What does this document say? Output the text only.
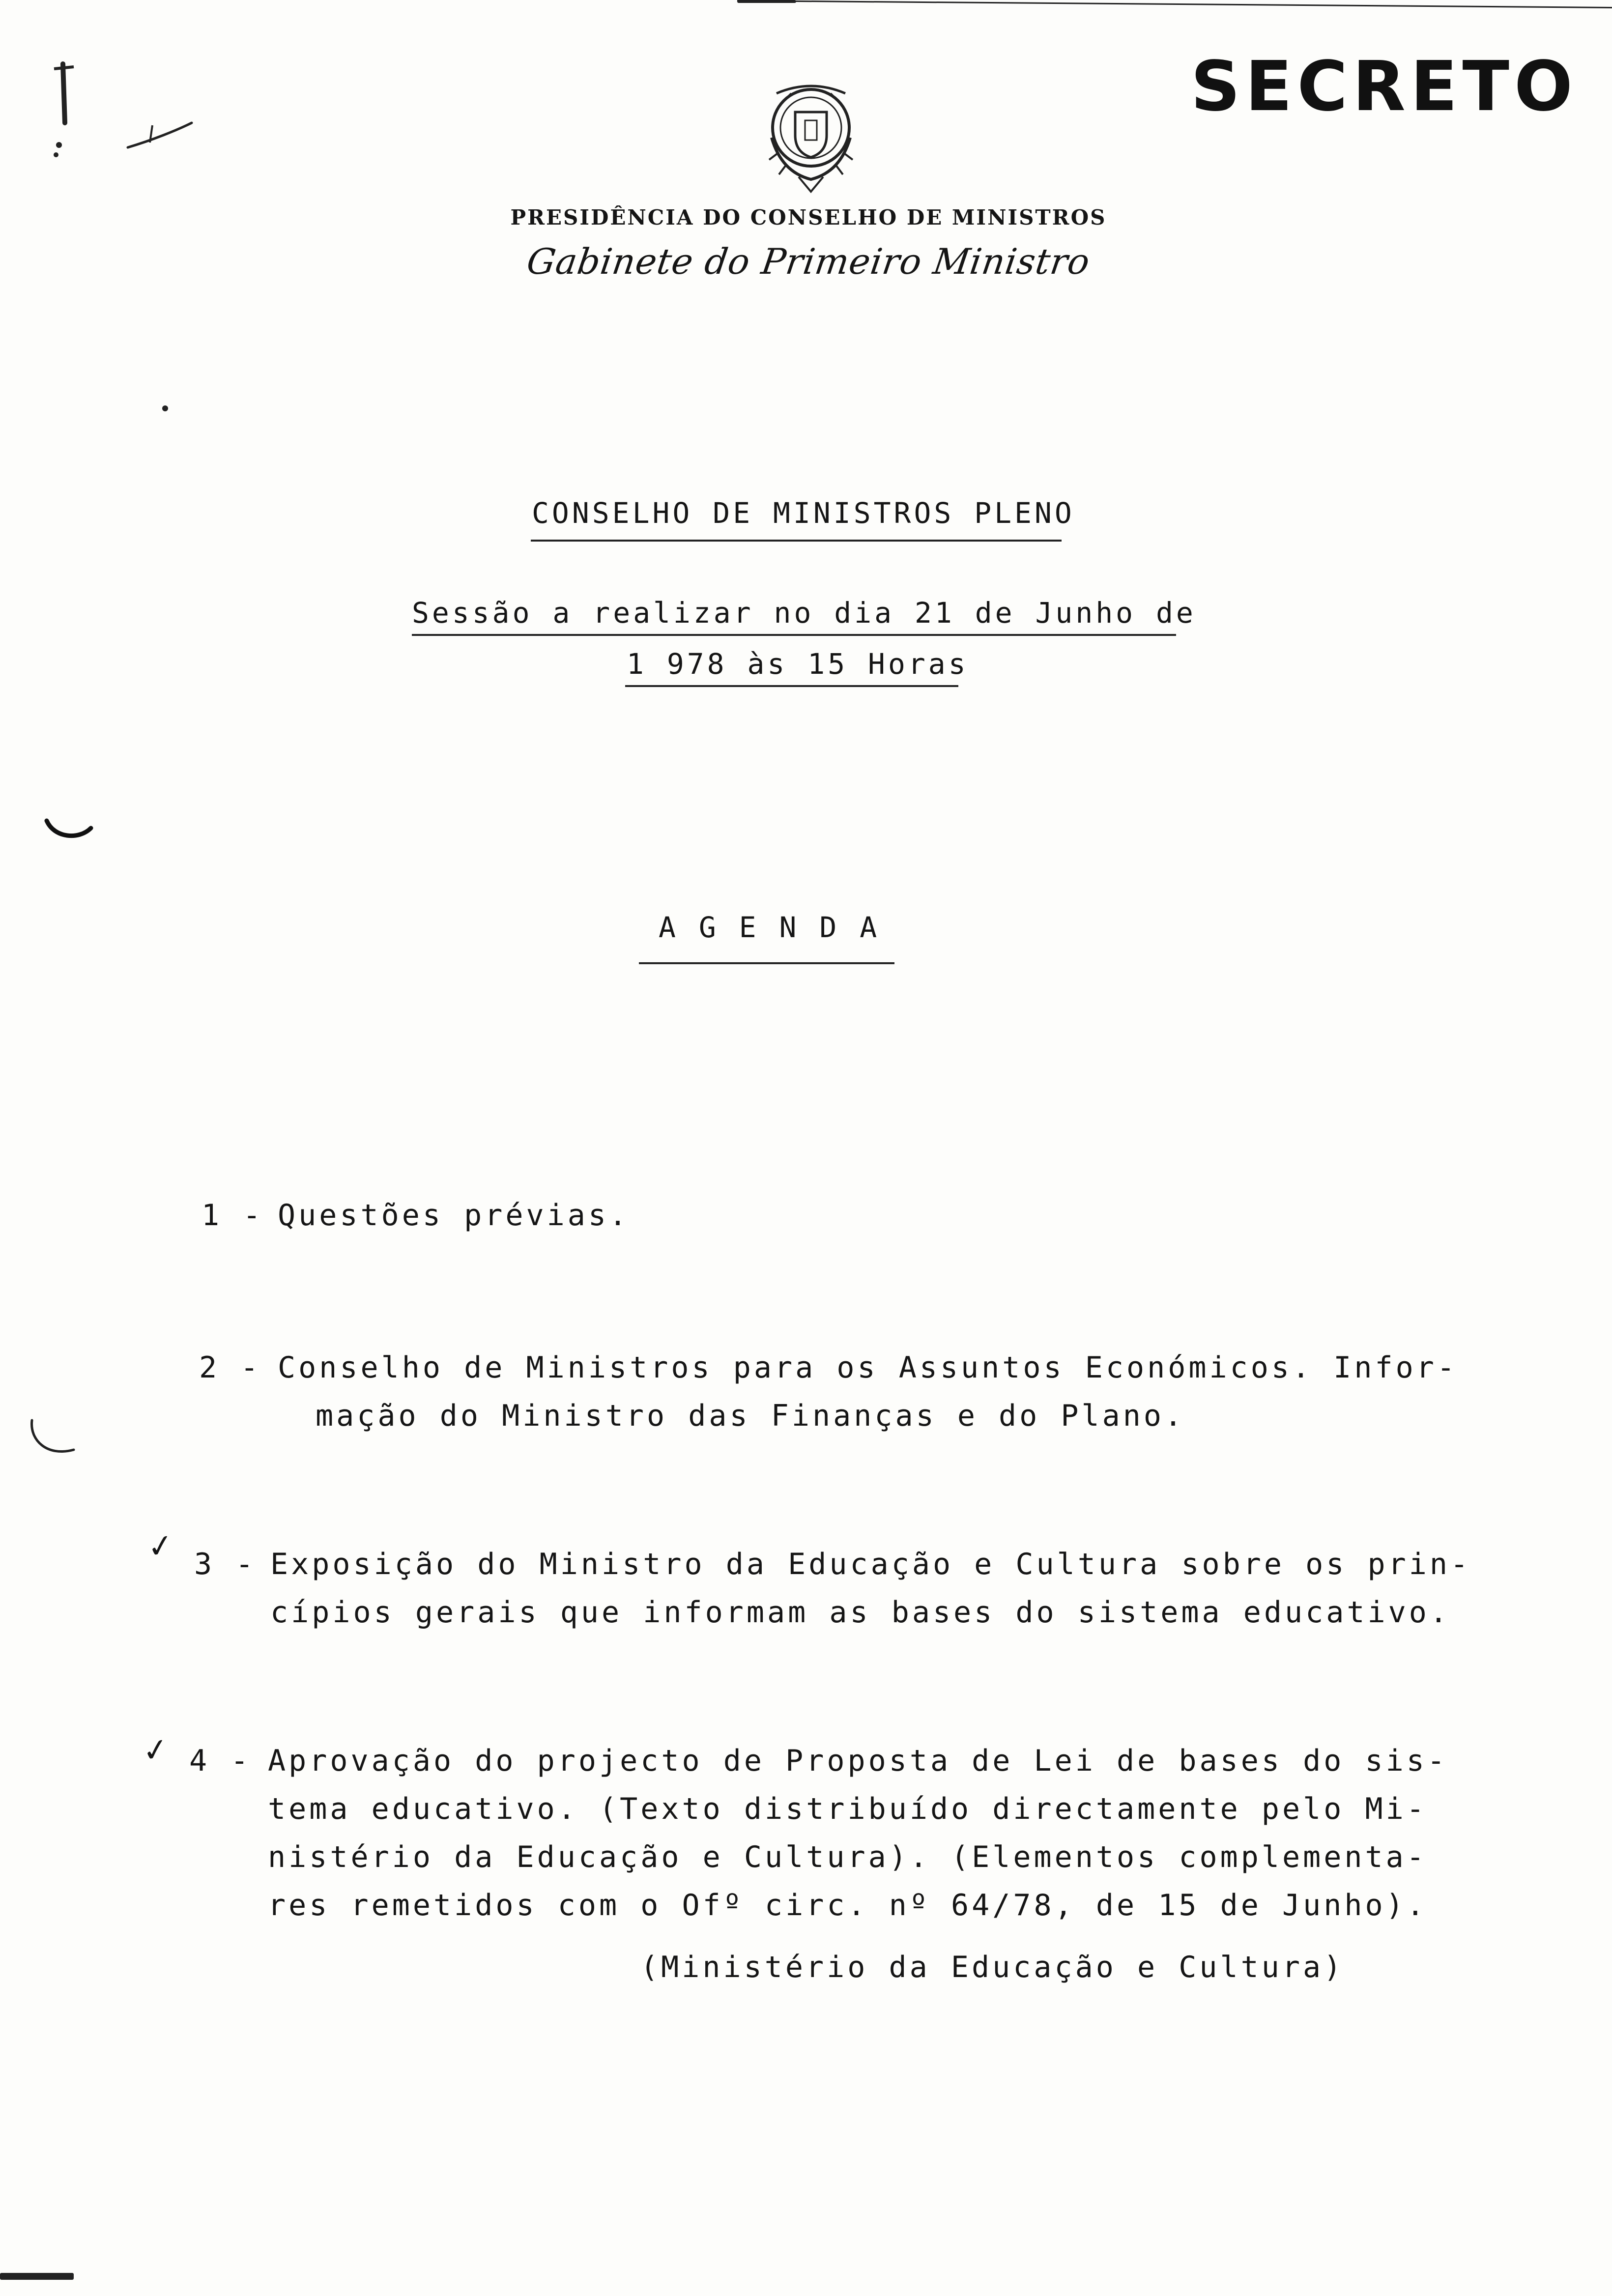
SECRETO
PRESIDÊNCIA DO CONSELHO DE MINISTROS
Gabinete do Primeiro Ministro
CONSELHO DE MINISTROS PLENO
Sessão a realizar no dia 21 de Junho de
1 978 às 15 Horas
A G E N D A
1 - Questões prévias.
2 - Conselho de Ministros para os Assuntos Económicos. Infor-
mação do Ministro das Finanças e do Plano.
✓ 3 - Exposição do Ministro da Educação e Cultura sobre os prin-
cípios gerais que informam as bases do sistema educativo.
✓ 4 - Aprovação do projecto de Proposta de Lei de bases do sis-
tema educativo. (Texto distribuído directamente pelo Mi-
nistério da Educação e Cultura). (Elementos complementa-
res remetidos com o Ofº circ. nº 64/78, de 15 de Junho).
(Ministério da Educação e Cultura)
